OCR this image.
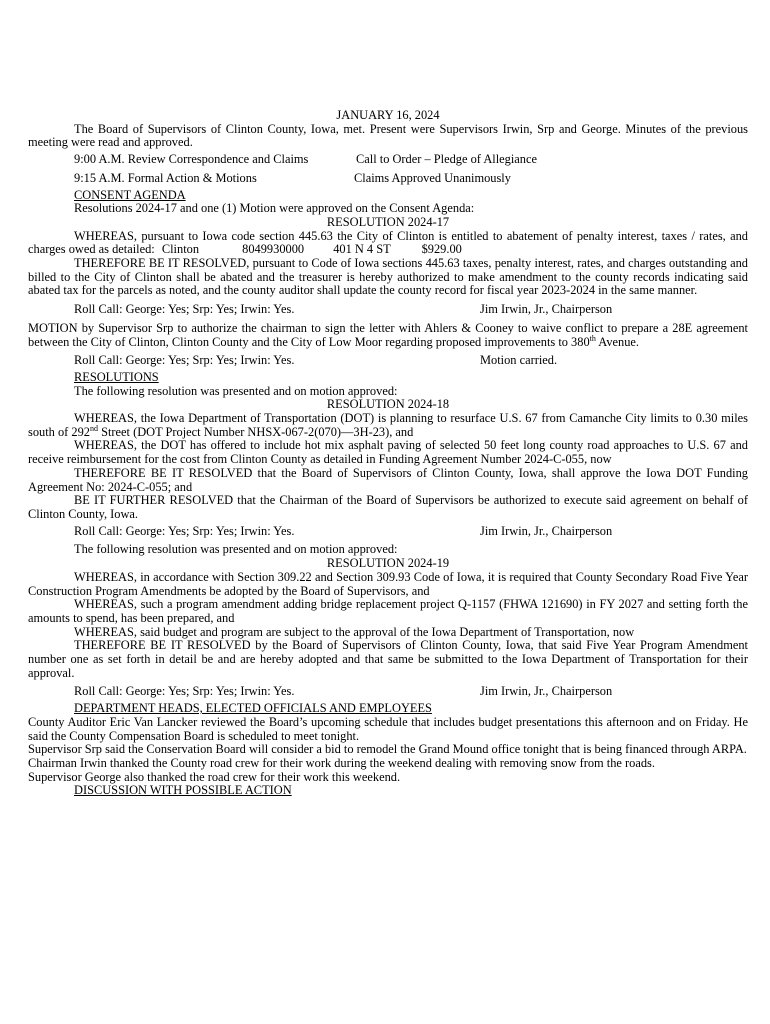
JANUARY 16, 2024

The Board of Supervisors of Clinton County, Iowa, met. Present were Supervisors Irwin, Srp and George. Minutes of the previous meeting were read and approved.

9:00 A.M. Review Correspondence and Claims	Call to Order – Pledge of Allegiance
9:15 A.M. Formal Action & Motions	Claims Approved Unanimously

CONSENT AGENDA

Resolutions 2024-17 and one (1) Motion were approved on the Consent Agenda:

RESOLUTION 2024-17

WHEREAS, pursuant to Iowa code section 445.63 the City of Clinton is entitled to abatement of penalty interest, taxes / rates, and charges owed as detailed: Clinton	8049930000 401 N 4 ST	$929.00

THEREFORE BE IT RESOLVED, pursuant to Code of Iowa sections 445.63 taxes, penalty interest, rates, and charges outstanding and billed to the City of Clinton shall be abated and the treasurer is hereby authorized to make amendment to the county records indicating said abated tax for the parcels as noted, and the county auditor shall update the county record for fiscal year 2023-2024 in the same manner.

Roll Call: George: Yes; Srp: Yes; Irwin: Yes.	Jim Irwin, Jr., Chairperson

MOTION by Supervisor Srp to authorize the chairman to sign the letter with Ahlers & Cooney to waive conflict to prepare a 28E agreement between the City of Clinton, Clinton County and the City of Low Moor regarding proposed improvements to 380th Avenue.

Roll Call: George: Yes; Srp: Yes; Irwin: Yes.	Motion carried.

RESOLUTIONS

The following resolution was presented and on motion approved:

RESOLUTION 2024-18

WHEREAS, the Iowa Department of Transportation (DOT) is planning to resurface U.S. 67 from Camanche City limits to 0.30 miles south of 292nd Street (DOT Project Number NHSX-067-2(070)—3H-23), and

WHEREAS, the DOT has offered to include hot mix asphalt paving of selected 50 feet long county road approaches to U.S. 67 and receive reimbursement for the cost from Clinton County as detailed in Funding Agreement Number 2024-C-055, now

THEREFORE BE IT RESOLVED that the Board of Supervisors of Clinton County, Iowa, shall approve the Iowa DOT Funding Agreement No: 2024-C-055; and

BE IT FURTHER RESOLVED that the Chairman of the Board of Supervisors be authorized to execute said agreement on behalf of Clinton County, Iowa.

Roll Call: George: Yes; Srp: Yes; Irwin: Yes.	Jim Irwin, Jr., Chairperson

The following resolution was presented and on motion approved:

RESOLUTION 2024-19

WHEREAS, in accordance with Section 309.22 and Section 309.93 Code of Iowa, it is required that County Secondary Road Five Year Construction Program Amendments be adopted by the Board of Supervisors, and

WHEREAS, such a program amendment adding bridge replacement project Q-1157 (FHWA 121690) in FY 2027 and setting forth the amounts to spend, has been prepared, and

WHEREAS, said budget and program are subject to the approval of the Iowa Department of Transportation, now

THEREFORE BE IT RESOLVED by the Board of Supervisors of Clinton County, Iowa, that said Five Year Program Amendment number one as set forth in detail be and are hereby adopted and that same be submitted to the Iowa Department of Transportation for their approval.

Roll Call: George: Yes; Srp: Yes; Irwin: Yes.	Jim Irwin, Jr., Chairperson

DEPARTMENT HEADS, ELECTED OFFICIALS AND EMPLOYEES

County Auditor Eric Van Lancker reviewed the Board’s upcoming schedule that includes budget presentations this afternoon and on Friday. He said the County Compensation Board is scheduled to meet tonight.

Supervisor Srp said the Conservation Board will consider a bid to remodel the Grand Mound office tonight that is being financed through ARPA.

Chairman Irwin thanked the County road crew for their work during the weekend dealing with removing snow from the roads.

Supervisor George also thanked the road crew for their work this weekend.

DISCUSSION WITH POSSIBLE ACTION
